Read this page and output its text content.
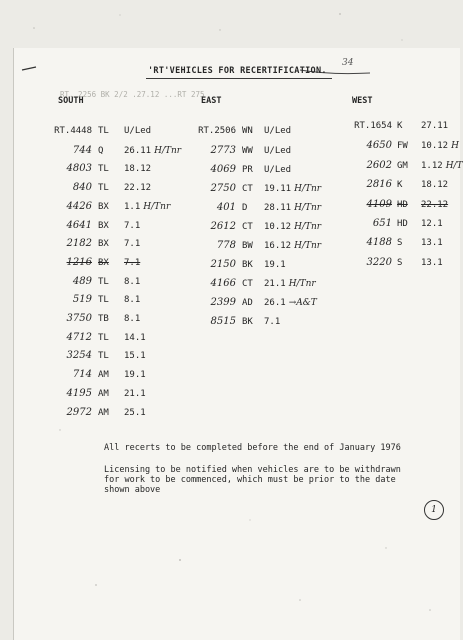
34
'RT'VEHICLES FOR RECERTIFICATION.
RT. 2256 BK 2/2 .27.12 ...RT 275
SOUTH	EAST	WEST
RT.4448 TL U/Led
744 Q 26.11 H/Tnr
4803 TL 18.12
840 TL 22.12
4426 BX 1.1 H/Tnr
4641 BX 7.1
2182 BX 7.1
1216 BX 7.1
489 TL 8.1
519 TL 8.1
3750 TB 8.1
4712 TL 14.1
3254 TL 15.1
714 AM 19.1
4195 AM 21.1
2972 AM 25.1
RT.2506 WN U/Led
2773 WW U/Led
4069 PR U/Led
2750 CT 19.11 H/Tnr
401 D 28.11 H/Tnr
2612 CT 10.12 H/Tnr
778 BW 16.12 H/Tnr
2150 BK 19.1
4166 CT 21.1 H/Tnr
2399 AD 26.1 →A&T
8515 BK 7.1
RT.1654 K 27.11
4650 FW 10.12 H
2602 GM 1.12 H/T
2816 K 18.12
4109 HD 22.12
651 HD 12.1
4188 S 13.1
3220 S 13.1
All recerts to be completed before the end of January 1976
Licensing to be notified when vehicles are to be withdrawn
for work to be commenced, which must be prior to the date
shown above
1
